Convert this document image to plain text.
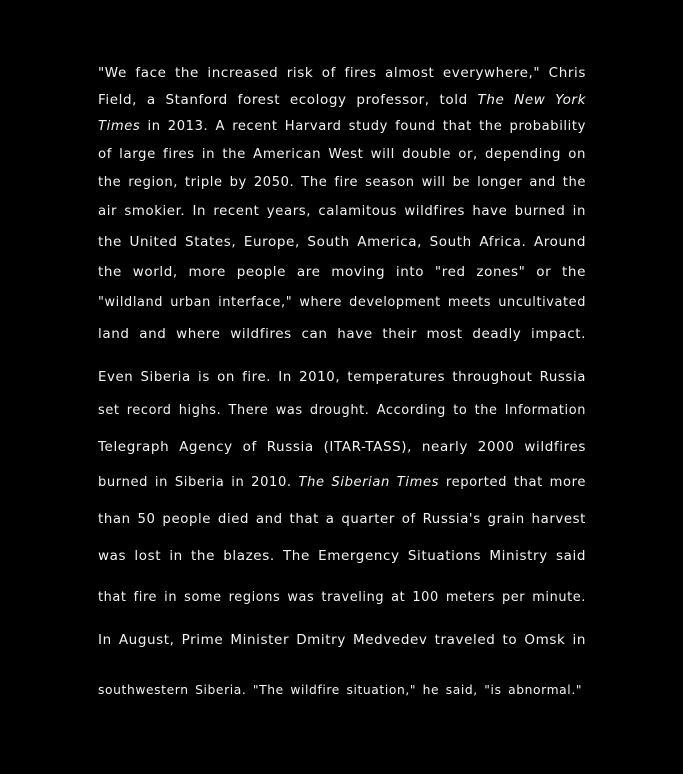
"We face the increased risk of fires almost everywhere," Chris
Field, a Stanford forest ecology professor, told The New York
Times in 2013. A recent Harvard study found that the probability
of large fires in the American West will double or, depending on
the region, triple by 2050. The fire season will be longer and the
air smokier. In recent years, calamitous wildfires have burned in
the United States, Europe, South America, South Africa. Around
the world, more people are moving into "red zones" or the
"wildland urban interface," where development meets uncultivated
land and where wildfires can have their most deadly impact.
Even Siberia is on fire. In 2010, temperatures throughout Russia
set record highs. There was drought. According to the Information
Telegraph Agency of Russia (ITAR-TASS), nearly 2000 wildfires
burned in Siberia in 2010. The Siberian Times reported that more
than 50 people died and that a quarter of Russia's grain harvest
was lost in the blazes. The Emergency Situations Ministry said
that fire in some regions was traveling at 100 meters per minute.
In August, Prime Minister Dmitry Medvedev traveled to Omsk in
southwestern Siberia. "The wildfire situation," he said, "is abnormal."
